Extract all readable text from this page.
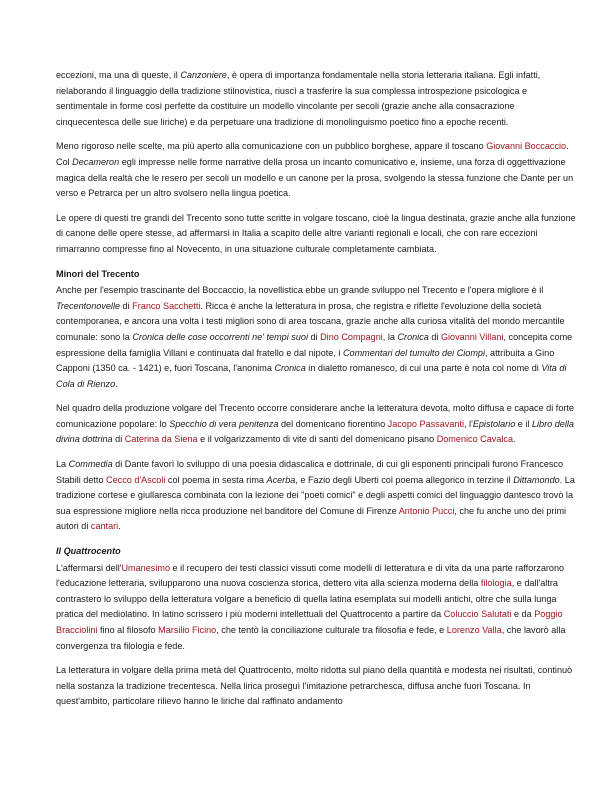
eccezioni, ma una di queste, il Canzoniere, è opera di importanza fondamentale nella storia letteraria italiana. Egli infatti, rielaborando il linguaggio della tradizione stilnovistica, riuscì a trasferire la sua complessa introspezione psicologica e sentimentale in forme così perfette da costituire un modello vincolante per secoli (grazie anche alla consacrazione cinquecentesca delle sue liriche) e da perpetuare una tradizione di monolinguismo poetico fino a epoche recenti.

Meno rigoroso nelle scelte, ma più aperto alla comunicazione con un pubblico borghese, appare il toscano Giovanni Boccaccio. Col Decameron egli impresse nelle forme narrative della prosa un incanto comunicativo e, insieme, una forza di oggettivazione magica della realtà che le resero per secoli un modello e un canone per la prosa, svolgendo la stessa funzione che Dante per un verso e Petrarca per un altro svolsero nella lingua poetica.

Le opere di questi tre grandi del Trecento sono tutte scritte in volgare toscano, cioè la lingua destinata, grazie anche alla funzione di canone delle opere stesse, ad affermarsi in Italia a scapito delle altre varianti regionali e locali, che con rare eccezioni rimarranno compresse fino al Novecento, in una situazione culturale completamente cambiata.

Minori del Trecento

Anche per l'esempio trascinante del Boccaccio, la novellistica ebbe un grande sviluppo nel Trecento e l'opera migliore è il Trecentonovelle di Franco Sacchetti. Ricca è anche la letteratura in prosa, che registra e riflette l'evoluzione della società contemporanea, e ancora una volta i testi migliori sono di area toscana, grazie anche alla curiosa vitalità del mondo mercantile comunale: sono la Cronica delle cose occorrenti ne' tempi suoi di Dino Compagni, la Cronica di Giovanni Villani, concepita come espressione della famiglia Villani e continuata dal fratello e dal nipote, i Commentari del tumulto dei Ciompi, attribuita a Gino Capponi (1350 ca. - 1421) e, fuori Toscana, l'anonima Cronica in dialetto romanesco, di cui una parte è nota col nome di Vita di Cola di Rienzo.

Nel quadro della produzione volgare del Trecento occorre considerare anche la letteratura devota, molto diffusa e capace di forte comunicazione popolare: lo Specchio di vera penitenza del domenicano fiorentino Jacopo Passavanti, l'Epistolario e il Libro della divina dottrina di Caterina da Siena e il volgarizzamento di vite di santi del domenicano pisano Domenico Cavalca.

La Commedia di Dante favorì lo sviluppo di una poesia didascalica e dottrinale, di cui gli esponenti principali furono Francesco Stabili detto Cecco d'Ascoli col poema in sesta rima Acerba, e Fazio degli Uberti col poema allegorico in terzine il Dittamondo. La tradizione cortese e giullaresca combinata con la lezione dei "poeti comici" e degli aspetti comici del linguaggio dantesco trovò la sua espressione migliore nella ricca produzione nel banditore del Comune di Firenze Antonio Pucci, che fu anche uno dei primi autori di cantari.

Il Quattrocento

L'affermarsi dell'Umanesimo e il recupero dei testi classici vissuti come modelli di letteratura e di vita da una parte rafforzarono l'educazione letteraria, svilupparono una nuova coscienza storica, dettero vita alla scienza moderna della filologia, e dall'altra contrastero lo sviluppo della letteratura volgare a beneficio di quella latina esemplata sui modelli antichi, oltre che sulla lunga pratica del mediolatino. In latino scrissero i più moderni intellettuali del Quattrocento a partire da Coluccio Salutati e da Poggio Bracciolini fino al filosofo Marsilio Ficino, che tentò la conciliazione culturale tra filosofia e fede, e Lorenzo Valla, che lavorò alla convergenza tra filologia e fede.

La letteratura in volgare della prima metà del Quattrocento, molto ridotta sul piano della quantità e modesta nei risultati, continuò nella sostanza la tradizione trecentesca. Nella lirica proseguì l'imitazione petrarchesca, diffusa anche fuori Toscana. In quest'ambito, particolare rilievo hanno le liriche dal raffinato andamento
